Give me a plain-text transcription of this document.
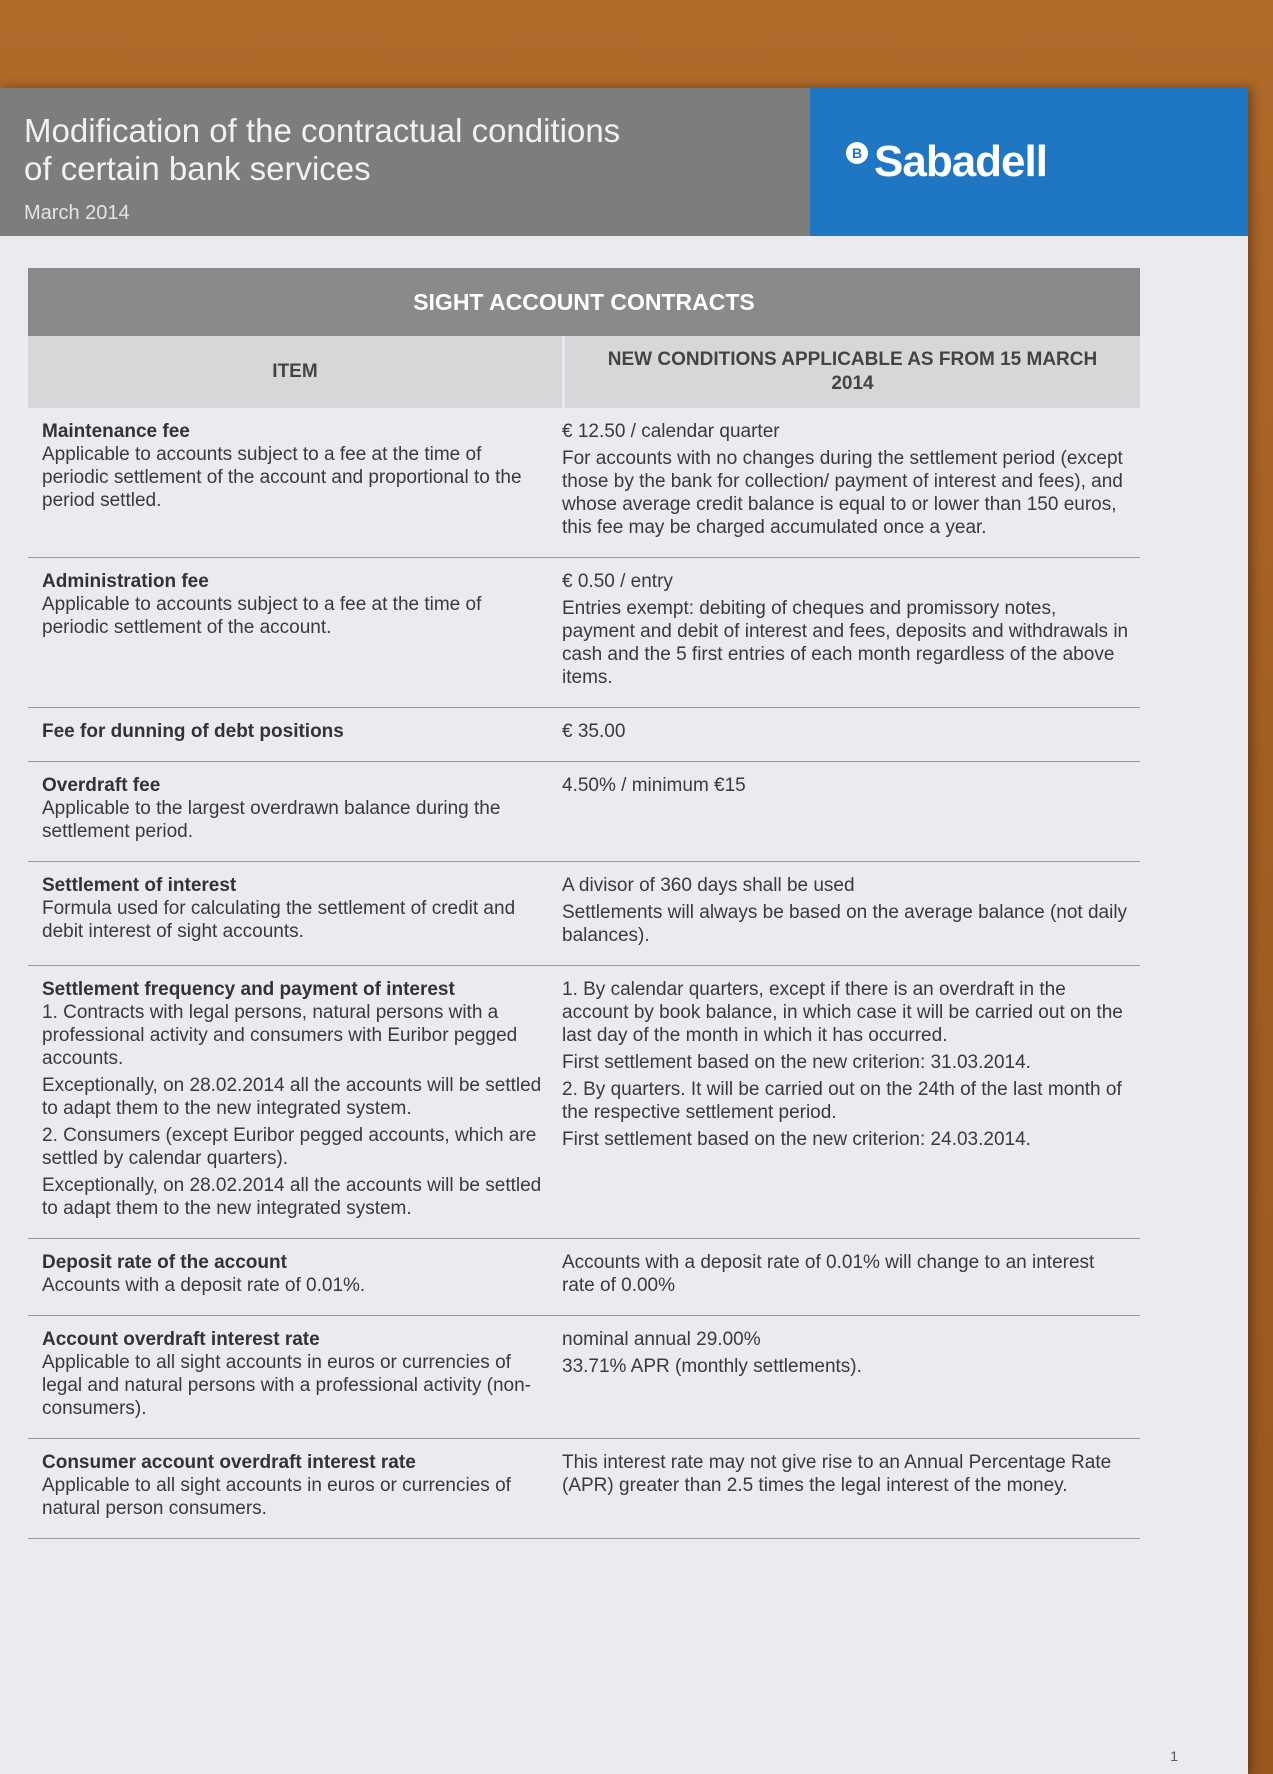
Modification of the contractual conditions
of certain bank services
March 2014
B Sabadell
SIGHT ACCOUNT CONTRACTS
ITEM
NEW CONDITIONS APPLICABLE AS FROM 15 MARCH 2014
Maintenance fee
Applicable to accounts subject to a fee at the time of periodic settlement of the account and proportional to the period settled.
€ 12.50 / calendar quarter
For accounts with no changes during the settlement period (except those by the bank for collection/ payment of interest and fees), and whose average credit balance is equal to or lower than 150 euros, this fee may be charged accumulated once a year.
Administration fee
Applicable to accounts subject to a fee at the time of periodic settlement of the account.
€ 0.50 / entry
Entries exempt: debiting of cheques and promissory notes, payment and debit of interest and fees, deposits and withdrawals in cash and the 5 first entries of each month regardless of the above items.
Fee for dunning of debt positions	€ 35.00
Overdraft fee
Applicable to the largest overdrawn balance during the settlement period.
4.50% / minimum €15
Settlement of interest
Formula used for calculating the settlement of credit and debit interest of sight accounts.
A divisor of 360 days shall be used
Settlements will always be based on the average balance (not daily balances).
Settlement frequency and payment of interest
1. Contracts with legal persons, natural persons with a professional activity and consumers with Euribor pegged accounts.
Exceptionally, on 28.02.2014 all the accounts will be settled to adapt them to the new integrated system.
2. Consumers (except Euribor pegged accounts, which are settled by calendar quarters).
Exceptionally, on 28.02.2014 all the accounts will be settled to adapt them to the new integrated system.
1. By calendar quarters, except if there is an overdraft in the account by book balance, in which case it will be carried out on the last day of the month in which it has occurred.
First settlement based on the new criterion: 31.03.2014.
2. By quarters. It will be carried out on the 24th of the last month of the respective settlement period.
First settlement based on the new criterion: 24.03.2014.
Deposit rate of the account
Accounts with a deposit rate of 0.01%.
Accounts with a deposit rate of 0.01% will change to an interest rate of 0.00%
Account overdraft interest rate
Applicable to all sight accounts in euros or currencies of legal and natural persons with a professional activity (non-consumers).
nominal annual 29.00%
33.71% APR (monthly settlements).
Consumer account overdraft interest rate
Applicable to all sight accounts in euros or currencies of natural person consumers.
This interest rate may not give rise to an Annual Percentage Rate (APR) greater than 2.5 times the legal interest of the money.
1
